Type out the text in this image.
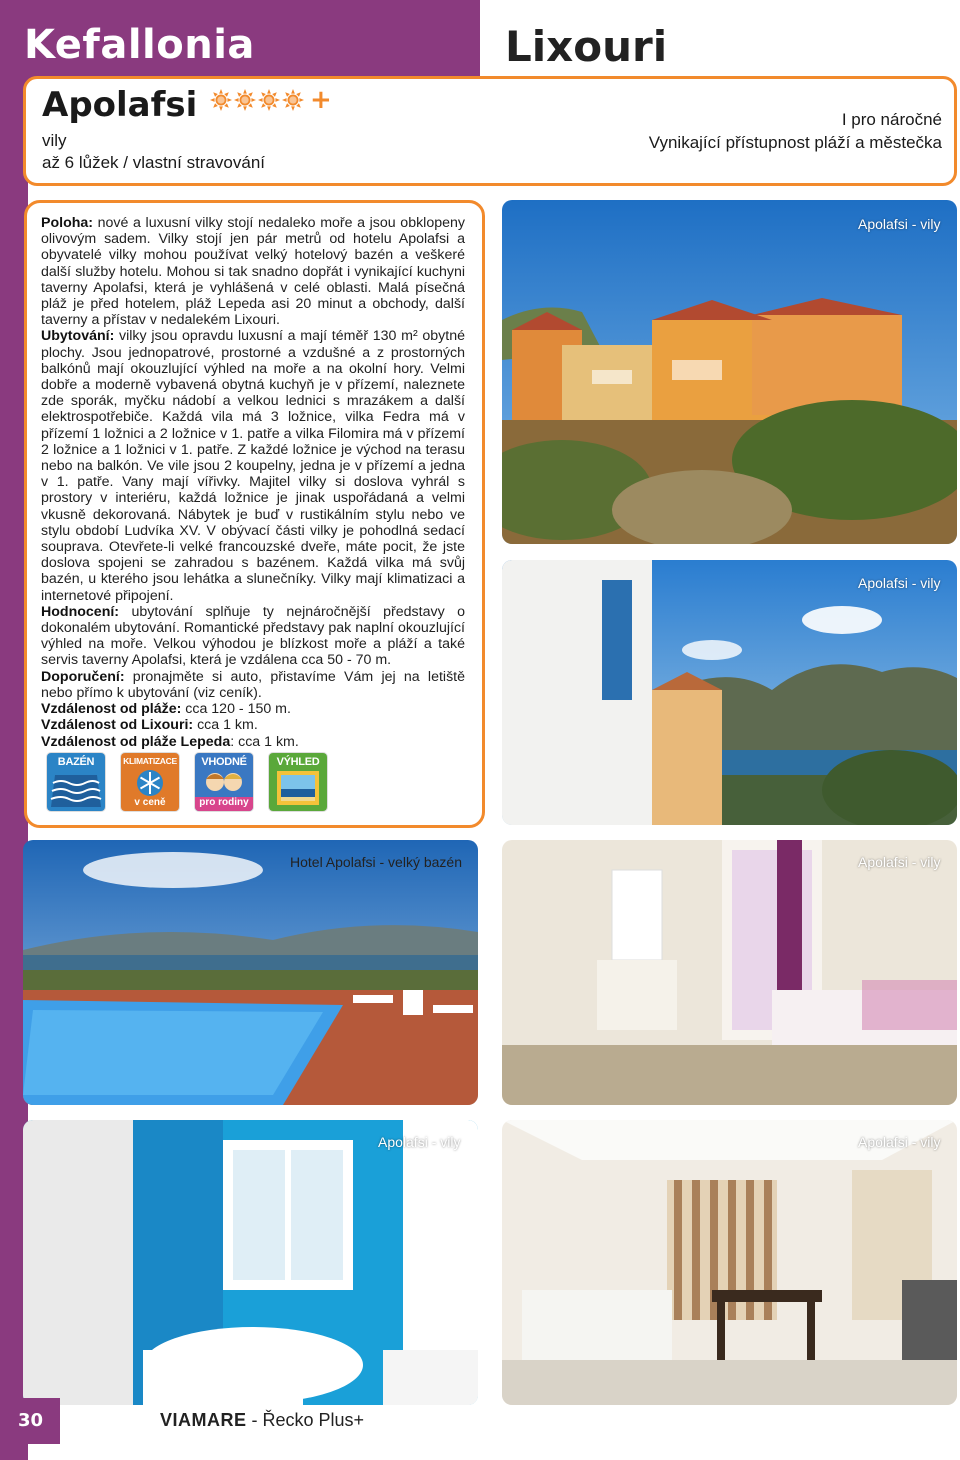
Kefallonia	Lixouri
Apolafsi	+
vily
až 6 lůžek / vlastní stravování
I pro náročné
Vynikající přístupnost pláží a městečka

Poloha: nové a luxusní vilky stojí nedaleko moře a jsou obklopeny olivovým sadem. Vilky stojí jen pár metrů od hotelu Apolafsi a obyvatelé vilky mohou používat velký hotelový bazén a veškeré další služby hotelu. Mohou si tak snadno dopřát i vynikající kuchyni taverny Apolafsi, která je vyhlášená v celé oblasti. Malá písečná pláž je před hotelem, pláž Lepeda asi 20 minut a obchody, další taverny a přístav v nedalekém Lixouri.

Ubytování: vilky jsou opravdu luxusní a mají téměř 130 m² obytné plochy. Jsou jednopatrové, prostorné a vzdušné a z prostorných balkónů mají okouzlující výhled na moře a na okolní hory. Velmi dobře a moderně vybavená obytná kuchyň je v přízemí, naleznete zde sporák, myčku nádobí a velkou lednici s mrazákem a další elektrospotřebiče. Každá vila má 3 ložnice, vilka Fedra má v přízemí 1 ložnici a 2 ložnice v 1. patře a vilka Filomira má v přízemí 2 ložnice a 1 ložnici v 1. patře. Z každé ložnice je východ na terasu nebo na balkón. Ve vile jsou 2 koupelny, jedna je v přízemí a jedna v 1. patře. Vany mají vířivky. Majitel vilky si doslova vyhrál s prostory v interiéru, každá ložnice je jinak uspořádaná a velmi vkusně dekorovaná. Nábytek je buď v rustikálním stylu nebo ve stylu období Ludvíka XV. V obývací části vilky je pohodlná sedací souprava. Otevřete-li velké francouzské dveře, máte pocit, že jste doslova spojeni se zahradou s bazénem. Každá vilka má svůj bazén, u kterého jsou lehátka a slunečníky. Vilky mají klimatizaci a internetové připojení.

Hodnocení: ubytování splňuje ty nejnáročnější představy o dokonalém ubytování. Romantické představy pak naplní okouzlující výhled na moře. Velkou výhodou je blízkost moře a pláží a také servis taverny Apolafsi, která je vzdálena cca 50 - 70 m.

Doporučení: pronajměte si auto, přistavíme Vám jej na letiště nebo přímo k ubytování (viz ceník).

Vzdálenost od pláže: cca 120 - 150 m.

Vzdálenost od Lixouri: cca 1 km.

Vzdálenost od pláže Lepeda: cca 1 km.

BAZÉN	KLIMATIZACE
v ceně
VHODNÉ
pro rodiny
VÝHLED
Apolafsi - vily
Apolafsi - vily
Hotel Apolafsi - velký bazén	Apolafsi - vily
Apolafsi - vily	Apolafsi - vily
30	VIAMARE - Řecko Plus+
